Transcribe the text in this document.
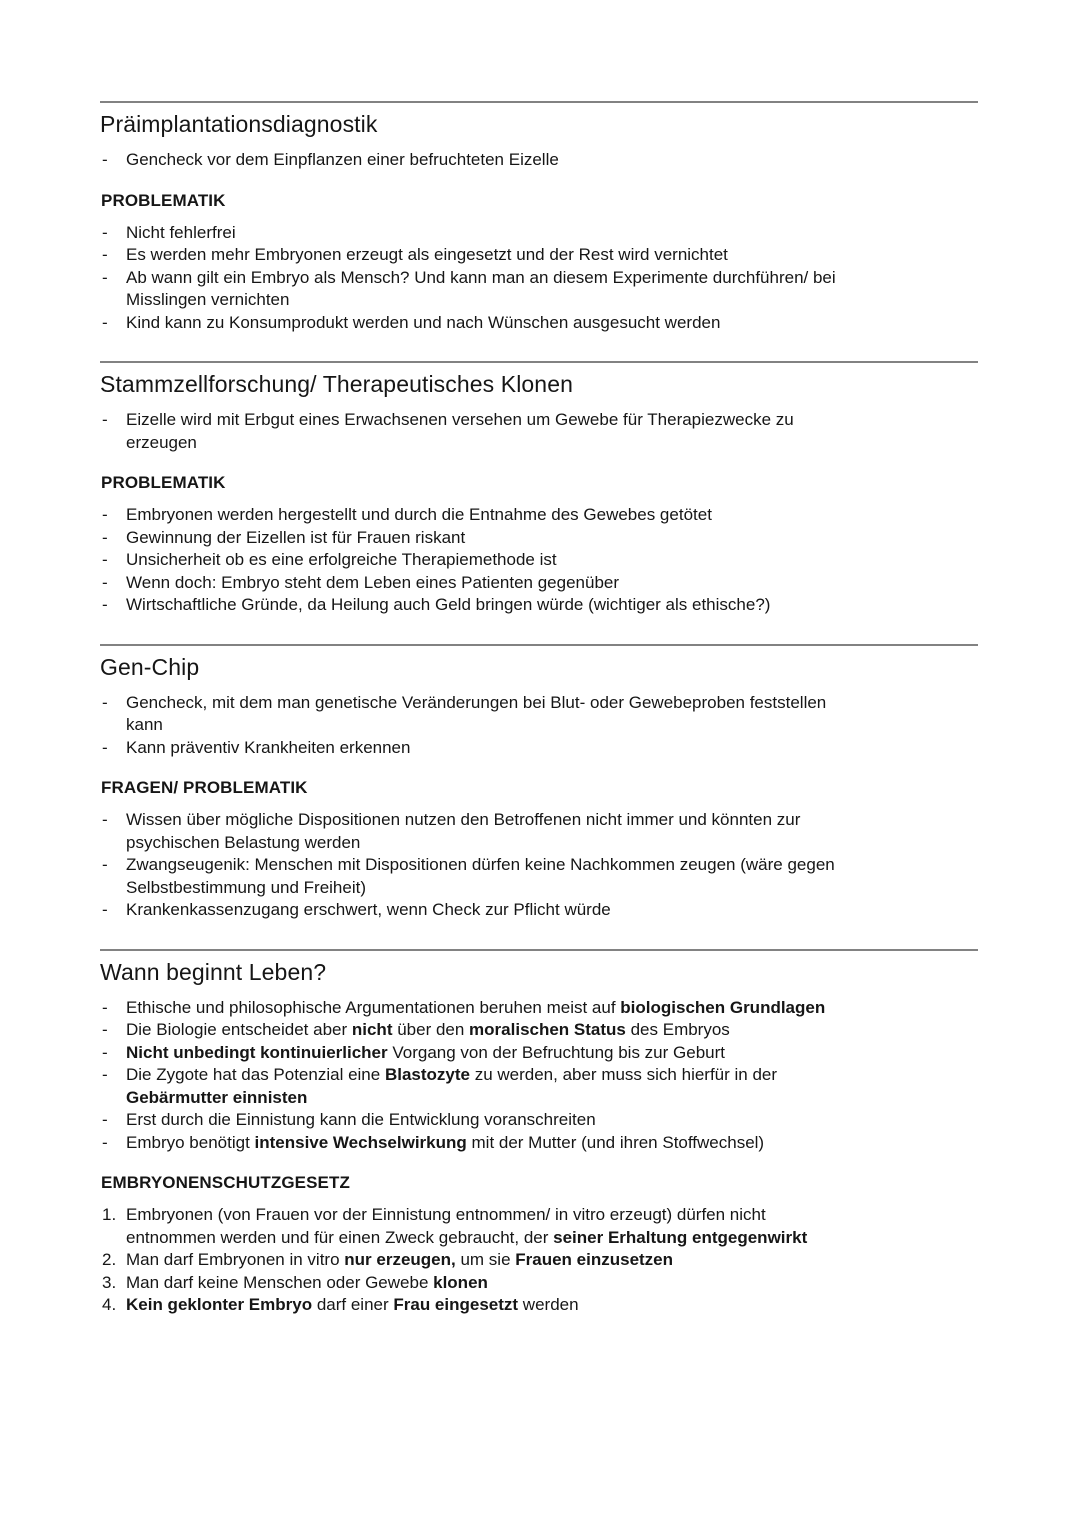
Präimplantationsdiagnostik
- Gencheck vor dem Einpflanzen einer befruchteten Eizelle
PROBLEMATIK
- Nicht fehlerfrei
- Es werden mehr Embryonen erzeugt als eingesetzt und der Rest wird vernichtet
- Ab wann gilt ein Embryo als Mensch? Und kann man an diesem Experimente durchführen/ bei
Misslingen vernichten
- Kind kann zu Konsumprodukt werden und nach Wünschen ausgesucht werden
Stammzellforschung/ Therapeutisches Klonen
- Eizelle wird mit Erbgut eines Erwachsenen versehen um Gewebe für Therapiezwecke zu
erzeugen
PROBLEMATIK
- Embryonen werden hergestellt und durch die Entnahme des Gewebes getötet
- Gewinnung der Eizellen ist für Frauen riskant
- Unsicherheit ob es eine erfolgreiche Therapiemethode ist
- Wenn doch: Embryo steht dem Leben eines Patienten gegenüber
- Wirtschaftliche Gründe, da Heilung auch Geld bringen würde (wichtiger als ethische?)
Gen-Chip
- Gencheck, mit dem man genetische Veränderungen bei Blut- oder Gewebeproben feststellen
kann
- Kann präventiv Krankheiten erkennen
FRAGEN/ PROBLEMATIK
- Wissen über mögliche Dispositionen nutzen den Betroffenen nicht immer und könnten zur
psychischen Belastung werden
- Zwangseugenik: Menschen mit Dispositionen dürfen keine Nachkommen zeugen (wäre gegen
Selbstbestimmung und Freiheit)
- Krankenkassenzugang erschwert, wenn Check zur Pflicht würde
Wann beginnt Leben?
- Ethische und philosophische Argumentationen beruhen meist auf biologischen Grundlagen
- Die Biologie entscheidet aber nicht über den moralischen Status des Embryos
- Nicht unbedingt kontinuierlicher Vorgang von der Befruchtung bis zur Geburt
- Die Zygote hat das Potenzial eine Blastozyte zu werden, aber muss sich hierfür in der
Gebärmutter einnisten
- Erst durch die Einnistung kann die Entwicklung voranschreiten
- Embryo benötigt intensive Wechselwirkung mit der Mutter (und ihren Stoffwechsel)
EMBRYONENSCHUTZGESETZ
1. Embryonen (von Frauen vor der Einnistung entnommen/ in vitro erzeugt) dürfen nicht
entnommen werden und für einen Zweck gebraucht, der seiner Erhaltung entgegenwirkt
2. Man darf Embryonen in vitro nur erzeugen, um sie Frauen einzusetzen
3. Man darf keine Menschen oder Gewebe klonen
4. Kein geklonter Embryo darf einer Frau eingesetzt werden
